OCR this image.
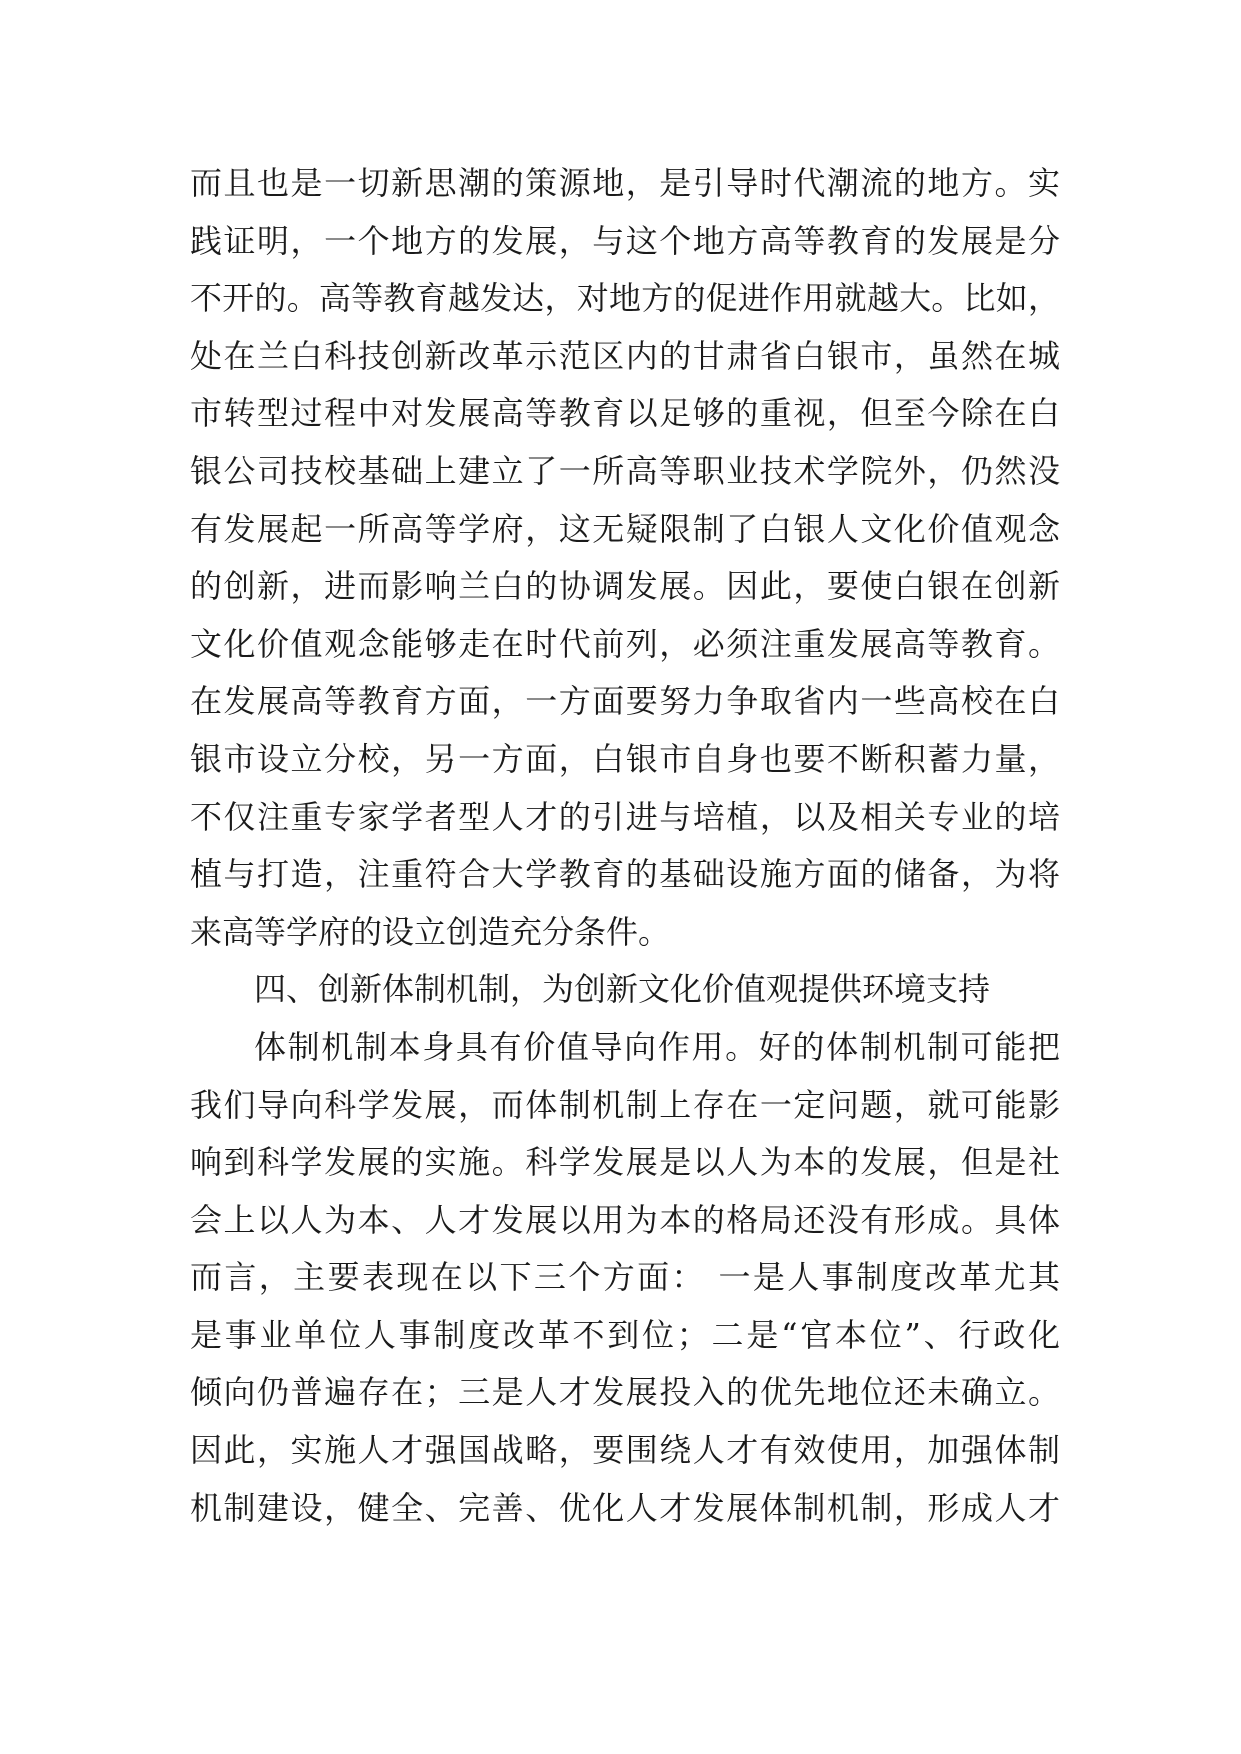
而且也是一切新思潮的策源地，是引导时代潮流的地方。实
践证明，一个地方的发展，与这个地方高等教育的发展是分
不开的。高等教育越发达，对地方的促进作用就越大。比如，
处在兰白科技创新改革示范区内的甘肃省白银市，虽然在城
市转型过程中对发展高等教育以足够的重视，但至今除在白
银公司技校基础上建立了一所高等职业技术学院外，仍然没
有发展起一所高等学府，这无疑限制了白银人文化价值观念
的创新，进而影响兰白的协调发展。因此，要使白银在创新
文化价值观念能够走在时代前列，必须注重发展高等教育。
在发展高等教育方面，一方面要努力争取省内一些高校在白
银市设立分校，另一方面，白银市自身也要不断积蓄力量，
不仅注重专家学者型人才的引进与培植，以及相关专业的培
植与打造，注重符合大学教育的基础设施方面的储备，为将
来高等学府的设立创造充分条件。
四、创新体制机制，为创新文化价值观提供环境支持
体制机制本身具有价值导向作用。好的体制机制可能把
我们导向科学发展，而体制机制上存在一定问题，就可能影
响到科学发展的实施。科学发展是以人为本的发展，但是社
会上以人为本、人才发展以用为本的格局还没有形成。具体
而言，主要表现在以下三个方面： 一是人事制度改革尤其
是事业单位人事制度改革不到位；二是“官本位”、行政化
倾向仍普遍存在；三是人才发展投入的优先地位还未确立。
因此，实施人才强国战略，要围绕人才有效使用，加强体制
机制建设，健全、完善、优化人才发展体制机制，形成人才
